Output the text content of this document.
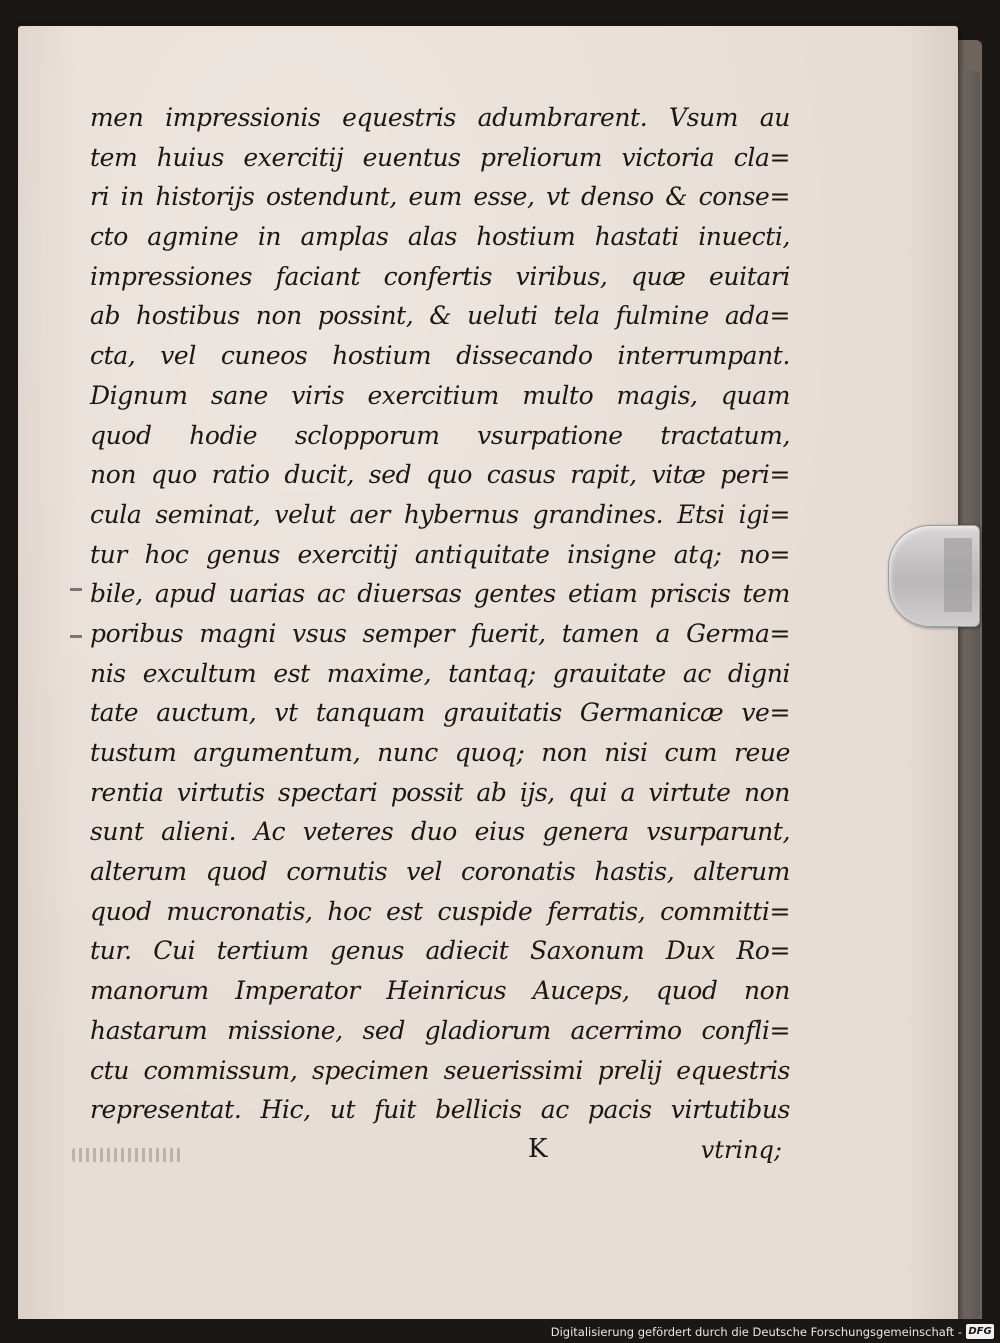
men impressionis equestris adumbrarent. Vsum au
tem huius exercitij euentus preliorum victoria cla=
ri in historijs ostendunt, eum esse, vt denso & conse=
cto agmine in amplas alas hostium hastati inuecti,
impressiones faciant confertis viribus, quæ euitari
ab hostibus non possint, & ueluti tela fulmine ada=
cta, vel cuneos hostium dissecando interrumpant.
Dignum sane viris exercitium multo magis, quam
quod hodie sclopporum vsurpatione tractatum,
non quo ratio ducit, sed quo casus rapit, vitæ peri=
cula seminat, velut aer hybernus grandines. Etsi igi=
tur hoc genus exercitij antiquitate insigne atq; no=
bile, apud uarias ac diuersas gentes etiam priscis tem
poribus magni vsus semper fuerit, tamen a Germa=
nis excultum est maxime, tantaq; grauitate ac digni
tate auctum, vt tanquam grauitatis Germanicæ ve=
tustum argumentum, nunc quoq; non nisi cum reue
rentia virtutis spectari possit ab ijs, qui a virtute non
sunt alieni. Ac veteres duo eius genera vsurparunt,
alterum quod cornutis vel coronatis hastis, alterum
quod mucronatis, hoc est cuspide ferratis, committi=
tur. Cui tertium genus adiecit Saxonum Dux Ro=
manorum Imperator Heinricus Auceps, quod non
hastarum missione, sed gladiorum acerrimo confli=
ctu commissum, specimen seuerissimi prelij equestris
representat. Hic, ut fuit bellicis ac pacis virtutibus
K	vtrinq;
Digitalisierung gefördert durch die Deutsche Forschungsgemeinschaft - DFG
